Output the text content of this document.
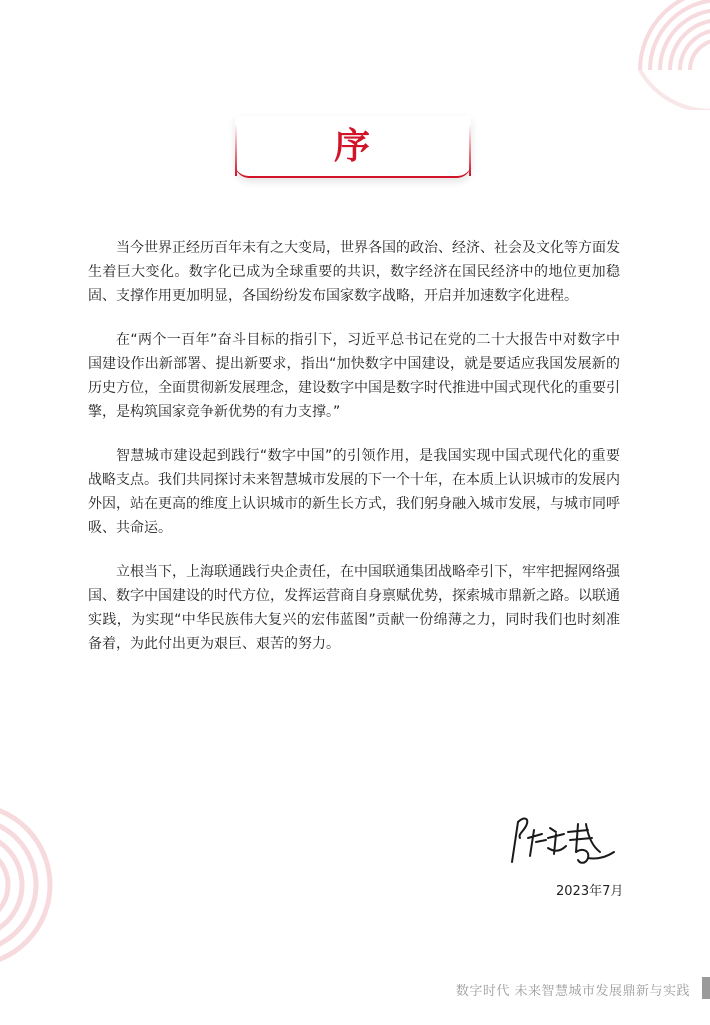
序

当今世界正经历百年未有之大变局，世界各国的政治、经济、社会及文化等方面发生着巨大变化。数字化已成为全球重要的共识，数字经济在国民经济中的地位更加稳固、支撑作用更加明显，各国纷纷发布国家数字战略，开启并加速数字化进程。

在“两个一百年”奋斗目标的指引下，习近平总书记在党的二十大报告中对数字中国建设作出新部署、提出新要求，指出“加快数字中国建设，就是要适应我国发展新的历史方位，全面贯彻新发展理念，建设数字中国是数字时代推进中国式现代化的重要引擎，是构筑国家竞争新优势的有力支撑。”

智慧城市建设起到践行“数字中国”的引领作用，是我国实现中国式现代化的重要战略支点。我们共同探讨未来智慧城市发展的下一个十年，在本质上认识城市的发展内外因，站在更高的维度上认识城市的新生长方式，我们躬身融入城市发展，与城市同呼吸、共命运。

立根当下，上海联通践行央企责任，在中国联通集团战略牵引下，牢牢把握网络强国、数字中国建设的时代方位，发挥运营商自身禀赋优势，探索城市鼎新之路。以联通实践，为实现“中华民族伟大复兴的宏伟蓝图”贡献一份绵薄之力，同时我们也时刻准备着，为此付出更为艰巨、艰苦的努力。

2023年7月
数字时代 未来智慧城市发展鼎新与实践
